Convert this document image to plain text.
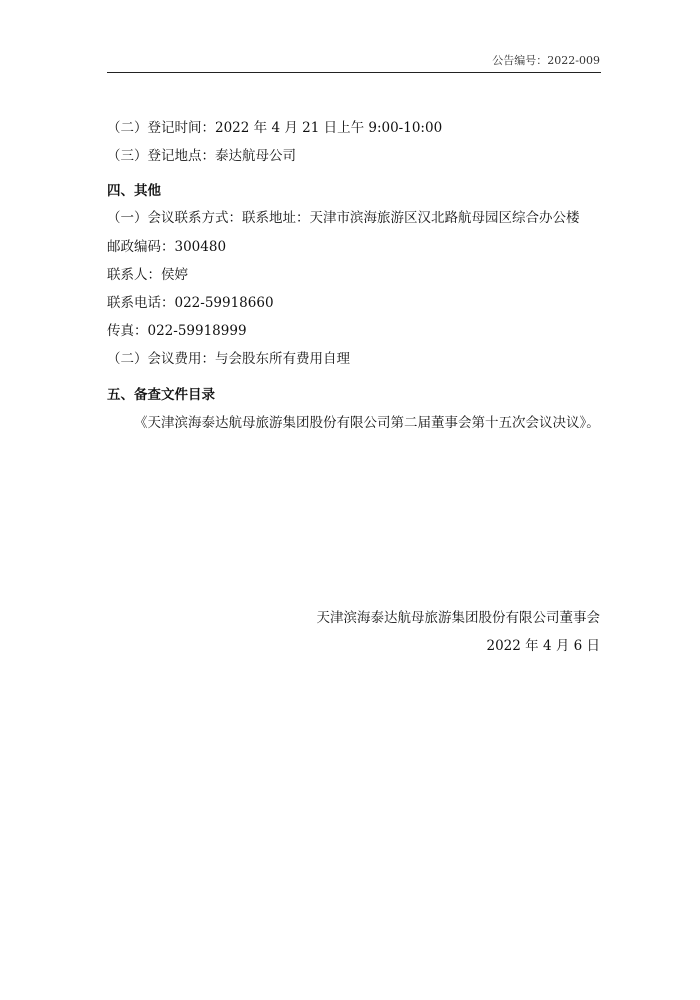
公告编号：2022-009
（二）登记时间：2022 年 4 月 21 日上午 9:00-10:00
（三）登记地点：泰达航母公司
四、其他
（一）会议联系方式：联系地址：天津市滨海旅游区汉北路航母园区综合办公楼
邮政编码：300480
联系人：侯婷
联系电话：022-59918660
传真：022-59918999
（二）会议费用：与会股东所有费用自理
五、备查文件目录
《天津滨海泰达航母旅游集团股份有限公司第二届董事会第十五次会议决议》。
天津滨海泰达航母旅游集团股份有限公司董事会
2022 年 4 月 6 日
